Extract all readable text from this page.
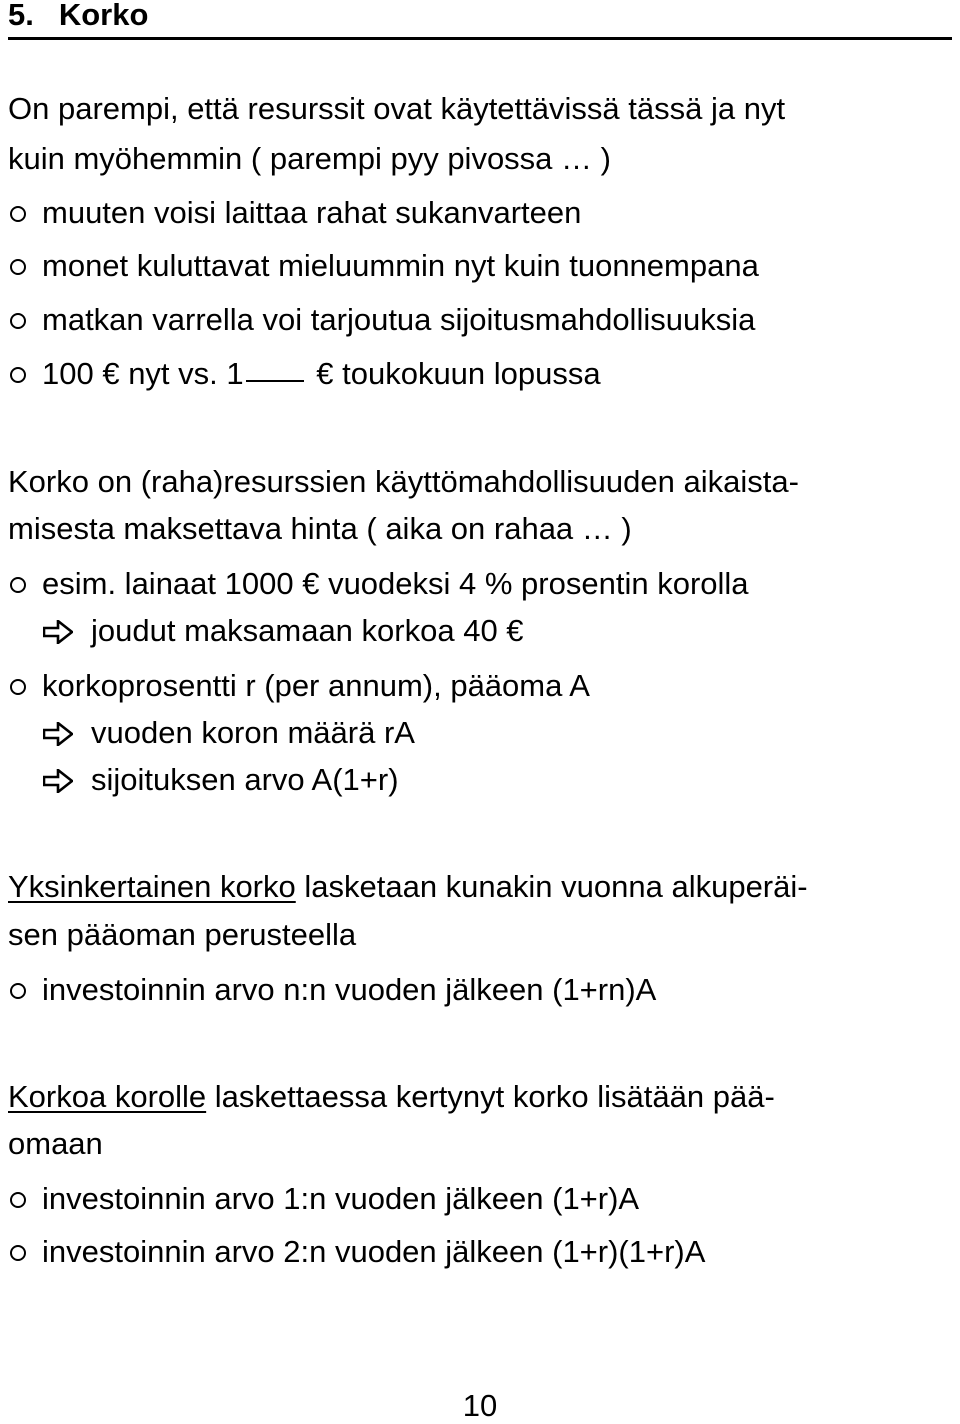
5. Korko
On parempi, että resurssit ovat käytettävissä tässä ja nyt
kuin myöhemmin ( parempi pyy pivossa … )
muuten voisi laittaa rahat sukanvarteen
monet kuluttavat mieluummin nyt kuin tuonnempana
matkan varrella voi tarjoutua sijoitusmahdollisuuksia
100 € nyt vs. 1 € toukokuun lopussa
Korko on (raha)resurssien käyttömahdollisuuden aikaista-
misesta maksettava hinta ( aika on rahaa … )
esim. lainaat 1000 € vuodeksi 4 % prosentin korolla
joudut maksamaan korkoa 40 €
korkoprosentti r (per annum), pääoma A
vuoden koron määrä rA
sijoituksen arvo A(1+r)
Yksinkertainen korko lasketaan kunakin vuonna alkuperäi-
sen pääoman perusteella
investoinnin arvo n:n vuoden jälkeen (1+rn)A
Korkoa korolle laskettaessa kertynyt korko lisätään pää-
omaan
investoinnin arvo 1:n vuoden jälkeen (1+r)A
investoinnin arvo 2:n vuoden jälkeen (1+r)(1+r)A
10
